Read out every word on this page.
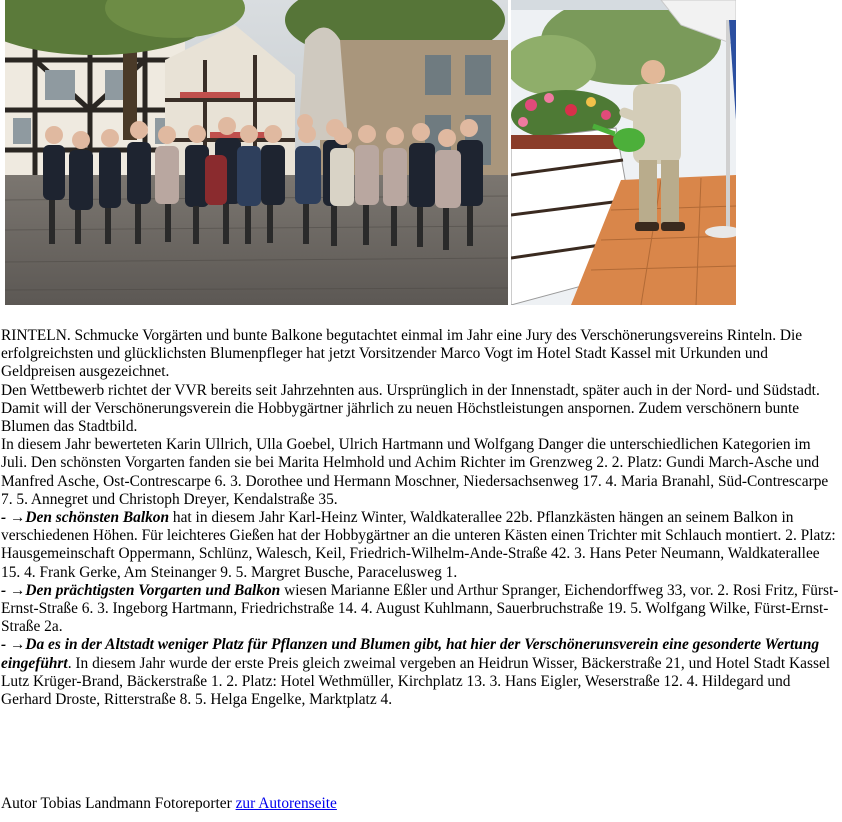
RINTELN. Schmucke Vorgärten und bunte Balkone begutachtet einmal im Jahr eine Jury des Verschönerungsvereins Rinteln. Die erfolgreichsten und glücklichsten Blumenpfleger hat jetzt Vorsitzender Marco Vogt im Hotel Stadt Kassel mit Urkunden und Geldpreisen ausgezeichnet.

Den Wettbewerb richtet der VVR bereits seit Jahrzehnten aus. Ursprünglich in der Innenstadt, später auch in der Nord- und Südstadt. Damit will der Verschönerungsverein die Hobbygärtner jährlich zu neuen Höchstleistungen anspornen. Zudem verschönern bunte Blumen das Stadtbild.

In diesem Jahr bewerteten Karin Ullrich, Ulla Goebel, Ulrich Hartmann und Wolfgang Danger die unterschiedlichen Kategorien im Juli. Den schönsten Vorgarten fanden sie bei Marita Helmhold und Achim Richter im Grenzweg 2. 2. Platz: Gundi March-Asche und Manfred Asche, Ost-Contrescarpe 6. 3. Dorothee und Hermann Moschner, Niedersachsenweg 17. 4. Maria Branahl, Süd-Contrescarpe 7. 5. Annegret und Christoph Dreyer, Kendalstraße 35.

- →Den schönsten Balkon hat in diesem Jahr Karl-Heinz Winter, Waldkaterallee 22b. Pflanzkästen hängen an seinem Balkon in verschiedenen Höhen. Für leichteres Gießen hat der Hobbygärtner an die unteren Kästen einen Trichter mit Schlauch montiert. 2. Platz: Hausgemeinschaft Oppermann, Schlünz, Walesch, Keil, Friedrich-Wilhelm-Ande-Straße 42. 3. Hans Peter Neumann, Waldkaterallee 15. 4. Frank Gerke, Am Steinanger 9. 5. Margret Busche, Paracelusweg 1.

- →Den prächtigsten Vorgarten und Balkon wiesen Marianne Eßler und Arthur Spranger, Eichendorffweg 33, vor. 2. Rosi Fritz, Fürst-Ernst-Straße 6. 3. Ingeborg Hartmann, Friedrichstraße 14. 4. August Kuhlmann, Sauerbruchstraße 19. 5. Wolfgang Wilke, Fürst-Ernst-Straße 2a.

- →Da es in der Altstadt weniger Platz für Pflanzen und Blumen gibt, hat hier der Verschönerunsverein eine gesonderte Wertung eingeführt. In diesem Jahr wurde der erste Preis gleich zweimal vergeben an Heidrun Wisser, Bäckerstraße 21, und Hotel Stadt Kassel Lutz Krüger-Brand, Bäckerstraße 1. 2. Platz: Hotel Wethmüller, Kirchplatz 13. 3. Hans Eigler, Weserstraße 12. 4. Hildegard und Gerhard Droste, Ritterstraße 8. 5. Helga Engelke, Marktplatz 4.

Autor Tobias Landmann Fotoreporter zur Autorenseite
